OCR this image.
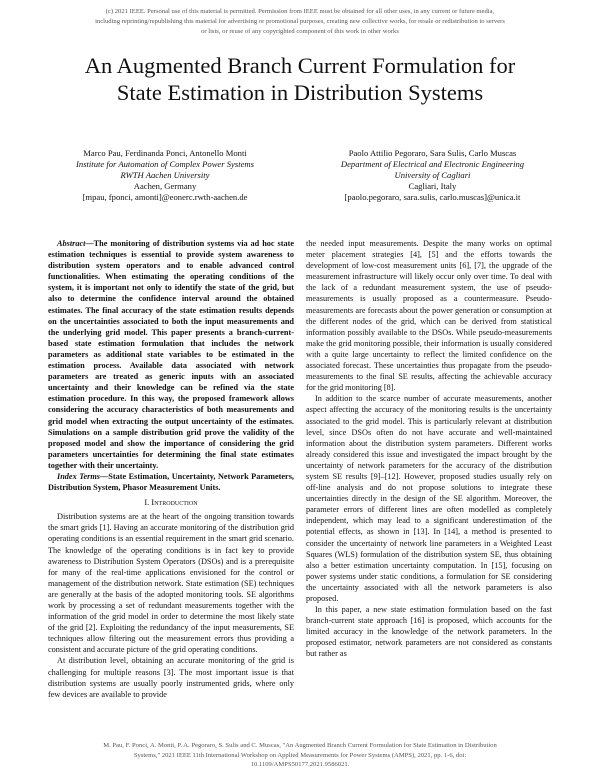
(c) 2021 IEEE. Personal use of this material is permitted. Permission from IEEE must be obtained for all other uses, in any current or future media,
including reprinting/republishing this material for advertising or promotional purposes, creating new collective works, for resale or redistribution to servers
or lists, or reuse of any copyrighted component of this work in other works
An Augmented Branch Current Formulation for
State Estimation in Distribution Systems
Marco Pau, Ferdinanda Ponci, Antonello Monti
Institute for Automation of Complex Power Systems
RWTH Aachen University
Aachen, Germany
[mpau, fponci, amonti]@eonerc.rwth-aachen.de
Paolo Attilio Pegoraro, Sara Sulis, Carlo Muscas
Department of Electrical and Electronic Engineering
University of Cagliari
Cagliari, Italy
[paolo.pegoraro, sara.sulis, carlo.muscas]@unica.it

Abstract—The monitoring of distribution systems via ad hoc state estimation techniques is essential to provide system awareness to distribution system operators and to enable advanced control functionalities. When estimating the operating conditions of the system, it is important not only to identify the state of the grid, but also to determine the confidence interval around the obtained estimates. The final accuracy of the state estimation results depends on the uncertainties associated to both the input measurements and the underlying grid model. This paper presents a branch-current-based state estimation formulation that includes the network parameters as additional state variables to be estimated in the estimation process. Available data associated with network parameters are treated as generic inputs with an associated uncertainty and their knowledge can be refined via the state estimation procedure. In this way, the proposed framework allows considering the accuracy characteristics of both measurements and grid model when extracting the output uncertainty of the estimates. Simulations on a sample distribution grid prove the validity of the proposed model and show the importance of considering the grid parameters uncertainties for determining the final state estimates together with their uncertainty.

Index Terms—State Estimation, Uncertainty, Network Parameters, Distribution System, Phasor Measurement Units.

I. Introduction

Distribution systems are at the heart of the ongoing transition towards the smart grids [1]. Having an accurate monitoring of the distribution grid operating conditions is an essential requirement in the smart grid scenario. The knowledge of the operating conditions is in fact key to provide awareness to Distribution System Operators (DSOs) and is a prerequisite for many of the real-time applications envisioned for the control or management of the distribution network. State estimation (SE) techniques are generally at the basis of the adopted monitoring tools. SE algorithms work by processing a set of redundant measurements together with the information of the grid model in order to determine the most likely state of the grid [2]. Exploiting the redundancy of the input measurements, SE techniques allow filtering out the measurement errors thus providing a consistent and accurate picture of the grid operating conditions.

At distribution level, obtaining an accurate monitoring of the grid is challenging for multiple reasons [3]. The most important issue is that distribution systems are usually poorly instrumented grids, where only few devices are available to provide

the needed input measurements. Despite the many works on optimal meter placement strategies [4], [5] and the efforts towards the development of low-cost measurement units [6], [7], the upgrade of the measurement infrastructure will likely occur only over time. To deal with the lack of a redundant measurement system, the use of pseudo-measurements is usually proposed as a countermeasure. Pseudo-measurements are forecasts about the power generation or consumption at the different nodes of the grid, which can be derived from statistical information possibly available to the DSOs. While pseudo-measurements make the grid monitoring possible, their information is usually considered with a quite large uncertainty to reflect the limited confidence on the associated forecast. These uncertainties thus propagate from the pseudo-measurements to the final SE results, affecting the achievable accuracy for the grid monitoring [8].

In addition to the scarce number of accurate measurements, another aspect affecting the accuracy of the monitoring results is the uncertainty associated to the grid model. This is particularly relevant at distribution level, since DSOs often do not have accurate and well-maintained information about the distribution system parameters. Different works already considered this issue and investigated the impact brought by the uncertainty of network parameters for the accuracy of the distribution system SE results [9]–[12]. However, proposed studies usually rely on off-line analysis and do not propose solutions to integrate these uncertainties directly in the design of the SE algorithm. Moreover, the parameter errors of different lines are often modelled as completely independent, which may lead to a significant underestimation of the potential effects, as shown in [13]. In [14], a method is presented to consider the uncertainty of network line parameters in a Weighted Least Squares (WLS) formulation of the distribution system SE, thus obtaining also a better estimation uncertainty computation. In [15], focusing on power systems under static conditions, a formulation for SE considering the uncertainty associated with all the network parameters is also proposed.

In this paper, a new state estimation formulation based on the fast branch-current state approach [16] is proposed, which accounts for the limited accuracy in the knowledge of the network parameters. In the proposed estimator, network parameters are not considered as constants but rather as

M. Pau, F. Ponci, A. Monti, P. A. Pegoraro, S. Sulis and C. Muscas, "An Augmented Branch Current Formulation for State Estimation in Distribution
Systems," 2021 IEEE 11th International Workshop on Applied Measurements for Power Systems (AMPS), 2021, pp. 1-6, doi:
10.1109/AMPS50177.2021.9586021.
